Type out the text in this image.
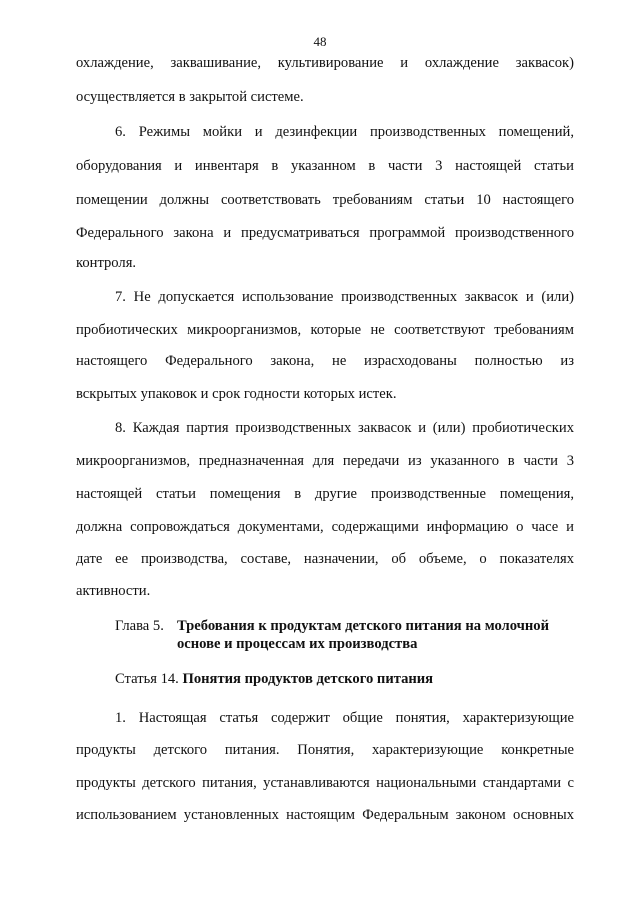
48
охлаждение, заквашивание, культивирование и охлаждение заквасок)
осуществляется в закрытой системе.
6. Режимы мойки и дезинфекции производственных помещений,
оборудования и инвентаря в указанном в части 3 настоящей статьи
помещении должны соответствовать требованиям статьи 10 настоящего
Федерального закона и предусматриваться программой производственного
контроля.
7. Не допускается использование производственных заквасок и (или)
пробиотических микроорганизмов, которые не соответствуют требованиям
настоящего Федерального закона, не израсходованы полностью из
вскрытых упаковок и срок годности которых истек.
8. Каждая партия производственных заквасок и (или) пробиотических
микроорганизмов, предназначенная для передачи из указанного в части 3
настоящей статьи помещения в другие производственные помещения,
должна сопровождаться документами, содержащими информацию о часе и
дате ее производства, составе, назначении, об объеме, о показателях
активности.
Глава 5. Требования к продуктам детского питания на молочной
основе и процессам их производства
Статья 14. Понятия продуктов детского питания
1. Настоящая статья содержит общие понятия, характеризующие
продукты детского питания. Понятия, характеризующие конкретные
продукты детского питания, устанавливаются национальными стандартами с
использованием установленных настоящим Федеральным законом основных
